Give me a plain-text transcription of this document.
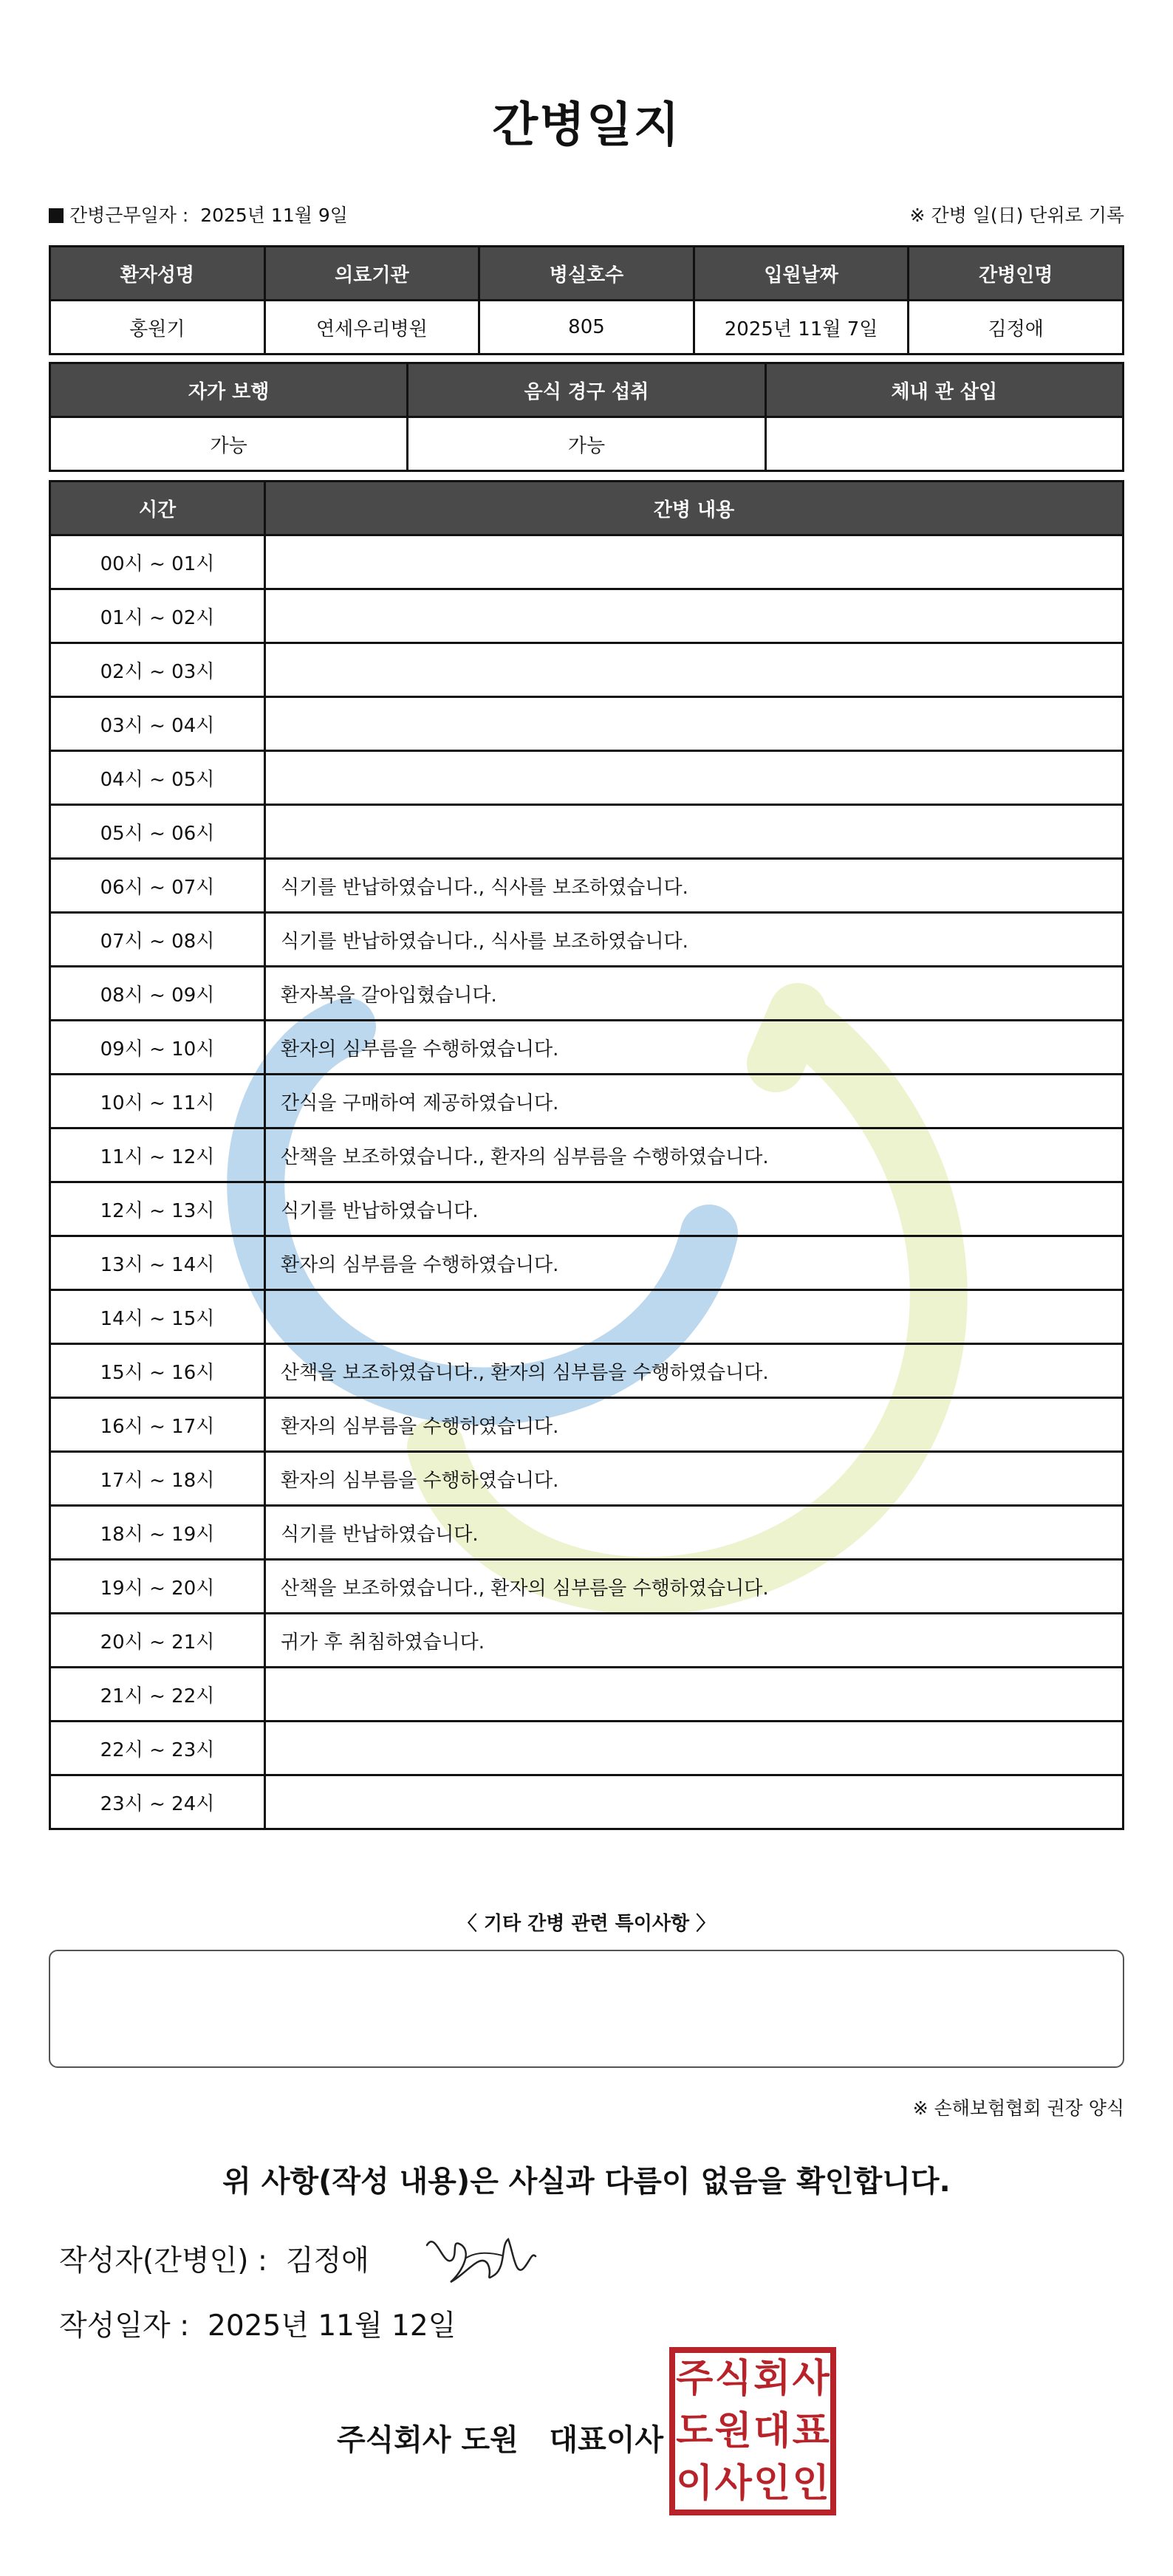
간병일지
간병근무일자 : 2025년 11월 9일	※ 간병 일(日) 단위로 기록
환자성명	의료기관	병실호수	입원날짜	간병인명
홍원기	연세우리병원	805	2025년 11월 7일	김정애
자가 보행	음식 경구 섭취	체내 관 삽입
가능	가능	
시간	간병 내용
00시 ~ 01시	
01시 ~ 02시	
02시 ~ 03시	
03시 ~ 04시	
04시 ~ 05시	
05시 ~ 06시	
06시 ~ 07시	식기를 반납하였습니다., 식사를 보조하였습니다.
07시 ~ 08시	식기를 반납하였습니다., 식사를 보조하였습니다.
08시 ~ 09시	환자복을 갈아입혔습니다.
09시 ~ 10시	환자의 심부름을 수행하였습니다.
10시 ~ 11시	간식을 구매하여 제공하였습니다.
11시 ~ 12시	산책을 보조하였습니다., 환자의 심부름을 수행하였습니다.
12시 ~ 13시	식기를 반납하였습니다.
13시 ~ 14시	환자의 심부름을 수행하였습니다.
14시 ~ 15시	
15시 ~ 16시	산책을 보조하였습니다., 환자의 심부름을 수행하였습니다.
16시 ~ 17시	환자의 심부름을 수행하였습니다.
17시 ~ 18시	환자의 심부름을 수행하였습니다.
18시 ~ 19시	식기를 반납하였습니다.
19시 ~ 20시	산책을 보조하였습니다., 환자의 심부름을 수행하였습니다.
20시 ~ 21시	귀가 후 취침하였습니다.
21시 ~ 22시	
22시 ~ 23시	
23시 ~ 24시	
〈 기타 간병 관련 특이사항 〉
※ 손해보험협회 권장 양식
위 사항(작성 내용)은 사실과 다름이 없음을 확인합니다.
작성자(간병인) : 김정애
작성일자 : 2025년 11월 12일
주식회사 도원   대표이사
주 식 회 사
도 원 대 표
이 사 인 인
